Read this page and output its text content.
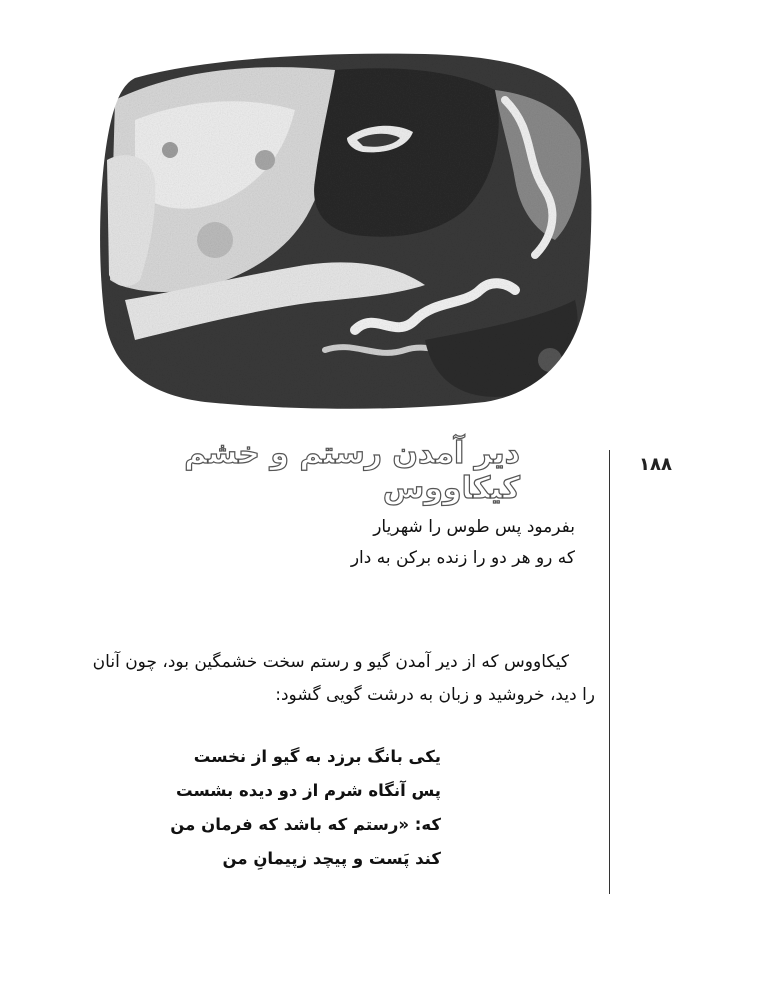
دیر آمدن رستم و خشم کیکاووس
۱۸۸
بفرمود پس طوس را شهریار
که رو هر دو را زنده برکن به دار
کیکاووس که از دیر آمدن گیو و رستم سخت خشمگین بود، چون آنان
را دید، خروشید و زبان به درشت گویی گشود:
یکی بانگ برزد به گیو از نخست
پس آنگاه شرم از دو دیده بشست
که: «رستم که باشد که فرمان من
کند پَست و پیچد زپیمانِ من
